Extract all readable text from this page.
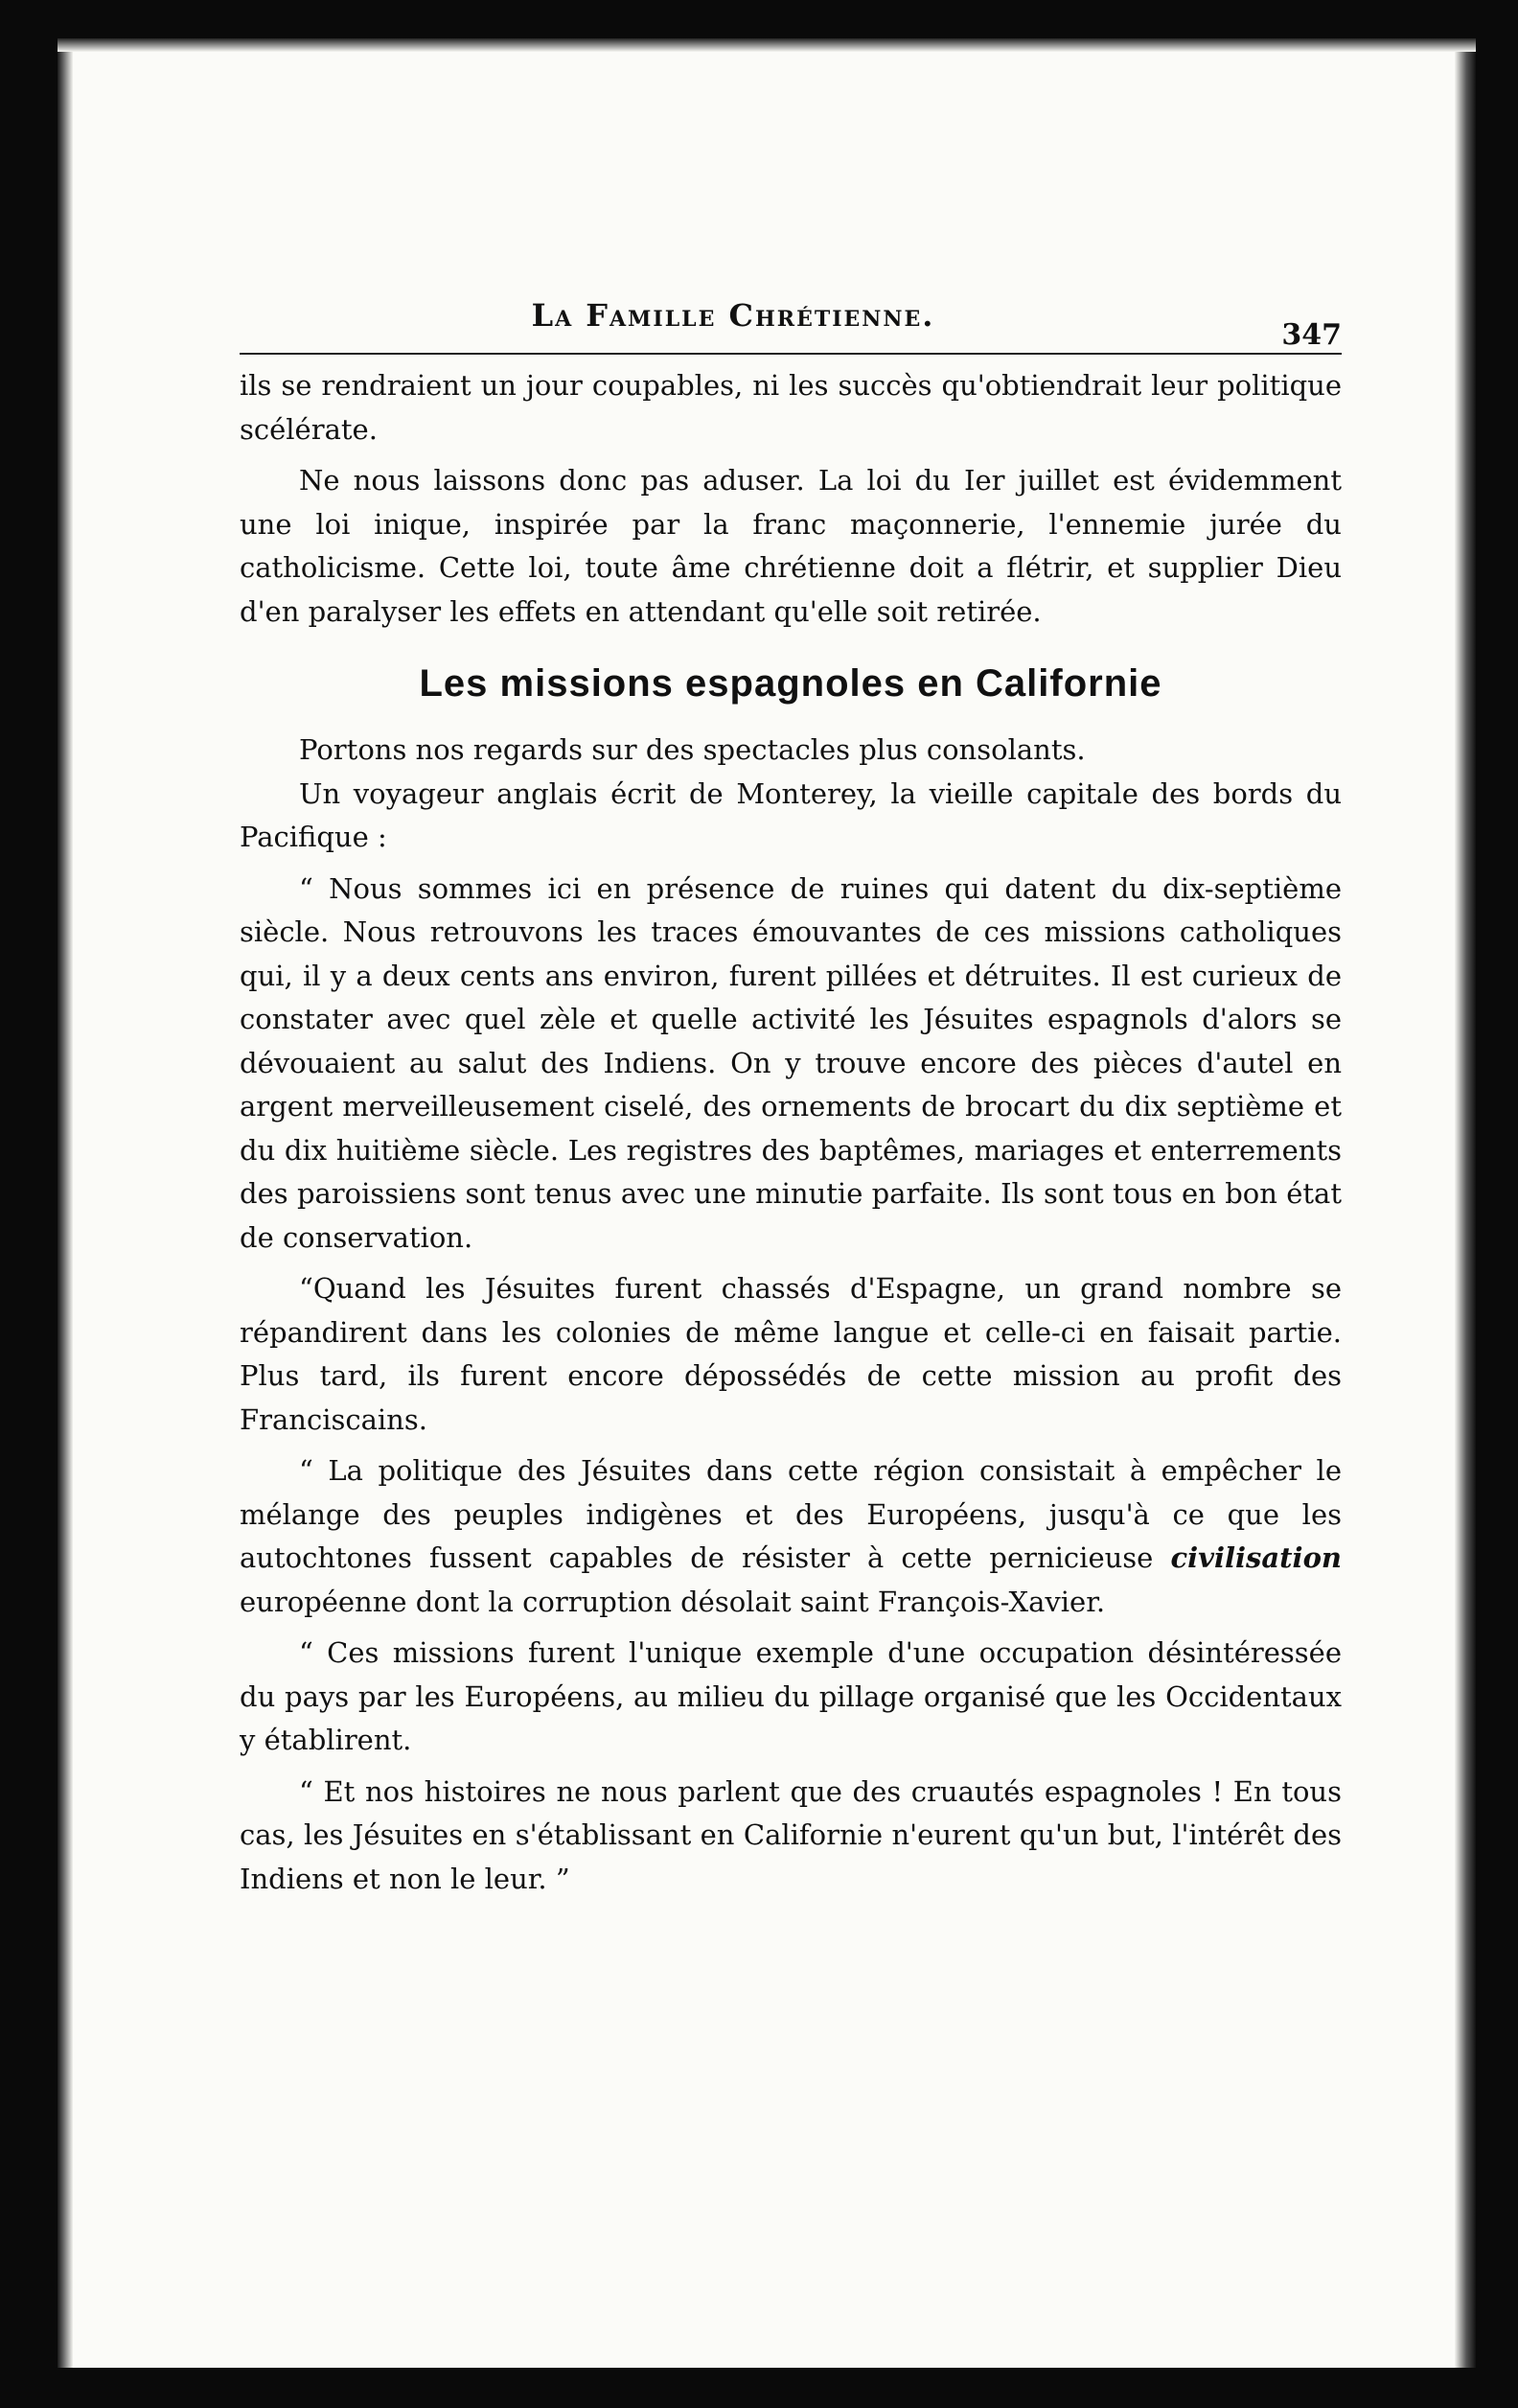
La Famille Chrétienne.
347

ils se rendraient un jour coupables, ni les succès qu'obtiendrait leur politique scélérate.

Ne nous laissons donc pas aduser. La loi du Ier juillet est évidemment une loi inique, inspirée par la franc maçonnerie, l'ennemie jurée du catholicisme. Cette loi, toute âme chrétienne doit a flétrir, et supplier Dieu d'en paralyser les effets en attendant qu'elle soit retirée.

Les missions espagnoles en Californie

Portons nos regards sur des spectacles plus consolants.

Un voyageur anglais écrit de Monterey, la vieille capitale des bords du Pacifique :

“ Nous sommes ici en présence de ruines qui datent du dix-septième siècle. Nous retrouvons les traces émouvantes de ces missions catholiques qui, il y a deux cents ans environ, furent pillées et détruites. Il est curieux de constater avec quel zèle et quelle activité les Jésuites espagnols d'alors se dévouaient au salut des Indiens. On y trouve encore des pièces d'autel en argent merveilleusement ciselé, des ornements de brocart du dix septième et du dix huitième siècle. Les registres des baptêmes, mariages et enterrements des paroissiens sont tenus avec une minutie parfaite. Ils sont tous en bon état de conservation.

“Quand les Jésuites furent chassés d'Espagne, un grand nombre se répandirent dans les colonies de même langue et celle-ci en faisait partie. Plus tard, ils furent encore dépossédés de cette mission au profit des Franciscains.

“ La politique des Jésuites dans cette région consistait à empêcher le mélange des peuples indigènes et des Européens, jusqu'à ce que les autochtones fussent capables de résister à cette pernicieuse civilisation européenne dont la corruption désolait saint François-Xavier.

“ Ces missions furent l'unique exemple d'une occupation désintéressée du pays par les Européens, au milieu du pillage organisé que les Occidentaux y établirent.

“ Et nos histoires ne nous parlent que des cruautés espagnoles ! En tous cas, les Jésuites en s'établissant en Californie n'eurent qu'un but, l'intérêt des Indiens et non le leur. ”
